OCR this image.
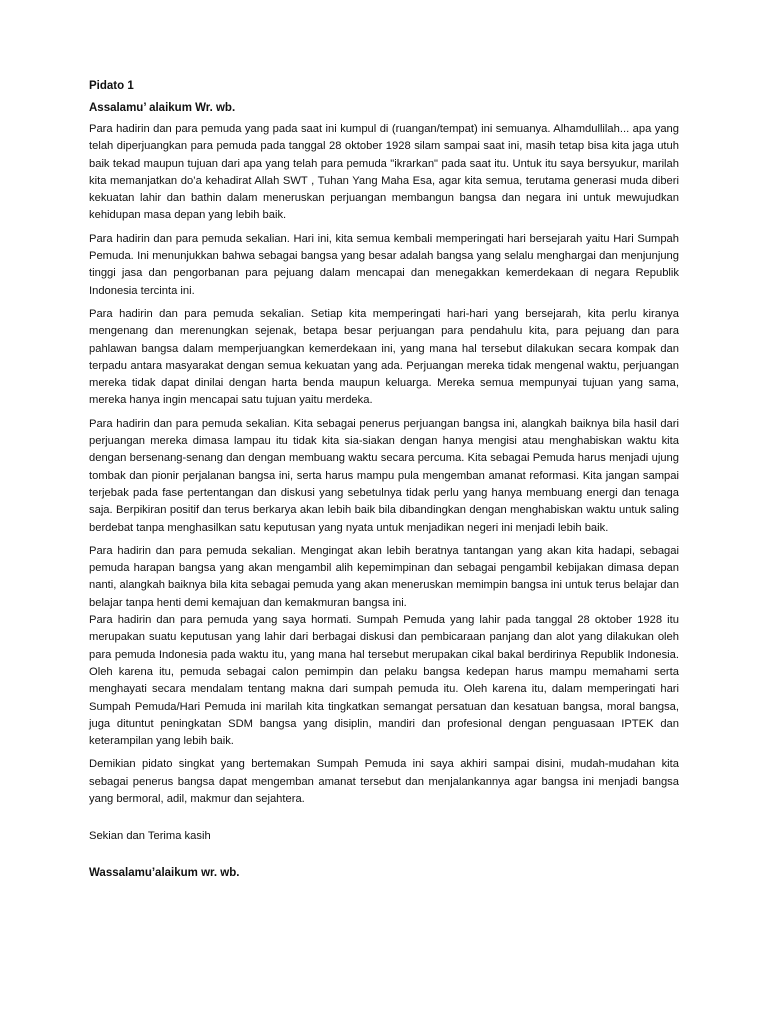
Pidato 1

Assalamu’ alaikum Wr. wb.

Para hadirin dan para pemuda yang pada saat ini kumpul di (ruangan/tempat) ini semuanya. Alhamdullilah... apa yang telah diperjuangkan para pemuda pada tanggal 28 oktober 1928 silam sampai saat ini, masih tetap bisa kita jaga utuh baik tekad maupun tujuan dari apa yang telah para pemuda "ikrarkan" pada saat itu. Untuk itu saya bersyukur, marilah kita memanjatkan do’a kehadirat Allah SWT , Tuhan Yang Maha Esa, agar kita semua, terutama generasi muda diberi kekuatan lahir dan bathin dalam meneruskan perjuangan membangun bangsa dan negara ini untuk mewujudkan kehidupan masa depan yang lebih baik.

Para hadirin dan para pemuda sekalian. Hari ini, kita semua kembali memperingati hari bersejarah yaitu Hari Sumpah Pemuda. Ini menunjukkan bahwa sebagai bangsa yang besar adalah bangsa yang selalu menghargai dan menjunjung tinggi jasa dan pengorbanan para pejuang dalam mencapai dan menegakkan kemerdekaan di negara Republik Indonesia tercinta ini.

Para hadirin dan para pemuda sekalian. Setiap kita memperingati hari-hari yang bersejarah, kita perlu kiranya mengenang dan merenungkan sejenak, betapa besar perjuangan para pendahulu kita, para pejuang dan para pahlawan bangsa dalam memperjuangkan kemerdekaan ini, yang mana hal tersebut dilakukan secara kompak dan terpadu antara masyarakat dengan semua kekuatan yang ada. Perjuangan mereka tidak mengenal waktu, perjuangan mereka tidak dapat dinilai dengan harta benda maupun keluarga. Mereka semua mempunyai tujuan yang sama, mereka hanya ingin mencapai satu tujuan yaitu merdeka.

Para hadirin dan para pemuda sekalian. Kita sebagai penerus perjuangan bangsa ini, alangkah baiknya bila hasil dari perjuangan mereka dimasa lampau itu tidak kita sia-siakan dengan hanya mengisi atau menghabiskan waktu kita dengan bersenang-senang dan dengan membuang waktu secara percuma. Kita sebagai Pemuda harus menjadi ujung tombak dan pionir perjalanan bangsa ini, serta harus mampu pula mengemban amanat reformasi. Kita jangan sampai terjebak pada fase pertentangan dan diskusi yang sebetulnya tidak perlu yang hanya membuang energi dan tenaga saja. Berpikiran positif dan terus berkarya akan lebih baik bila dibandingkan dengan menghabiskan waktu untuk saling berdebat tanpa menghasilkan satu keputusan yang nyata untuk menjadikan negeri ini menjadi lebih baik.

Para hadirin dan para pemuda sekalian. Mengingat akan lebih beratnya tantangan yang akan kita hadapi, sebagai pemuda harapan bangsa yang akan mengambil alih kepemimpinan dan sebagai pengambil kebijakan dimasa depan nanti, alangkah baiknya bila kita sebagai pemuda yang akan meneruskan memimpin bangsa ini untuk terus belajar dan belajar tanpa henti demi kemajuan dan kemakmuran bangsa ini.

Para hadirin dan para pemuda yang saya hormati. Sumpah Pemuda yang lahir pada tanggal 28 oktober 1928 itu merupakan suatu keputusan yang lahir dari berbagai diskusi dan pembicaraan panjang dan alot yang dilakukan oleh para pemuda Indonesia pada waktu itu, yang mana hal tersebut merupakan cikal bakal berdirinya Republik Indonesia. Oleh karena itu, pemuda sebagai calon pemimpin dan pelaku bangsa kedepan harus mampu memahami serta menghayati secara mendalam tentang makna dari sumpah pemuda itu. Oleh karena itu, dalam memperingati hari Sumpah Pemuda/Hari Pemuda ini marilah kita tingkatkan semangat persatuan dan kesatuan bangsa, moral bangsa, juga dituntut peningkatan SDM bangsa yang disiplin, mandiri dan profesional dengan penguasaan IPTEK dan keterampilan yang lebih baik.

Demikian pidato singkat yang bertemakan Sumpah Pemuda ini saya akhiri sampai disini, mudah-mudahan kita sebagai penerus bangsa dapat mengemban amanat tersebut dan menjalankannya agar bangsa ini menjadi bangsa yang bermoral, adil, makmur dan sejahtera.

Sekian dan Terima kasih

Wassalamu’alaikum wr. wb.
